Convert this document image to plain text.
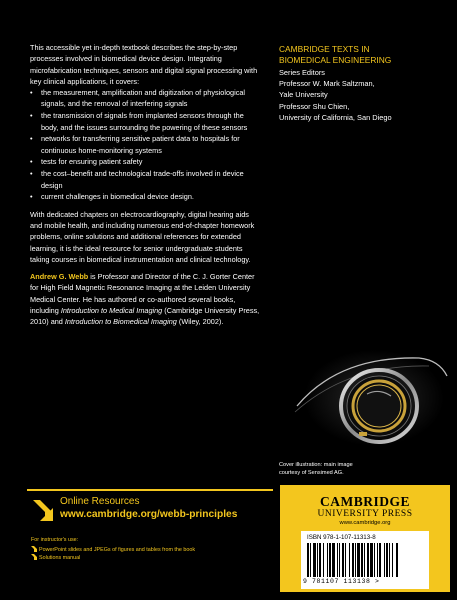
This accessible yet in-depth textbook describes the step-by-step processes involved in biomedical device design. Integrating microfabrication techniques, sensors and digital signal processing with key clinical applications, it covers:

• the measurement, amplification and digitization of physiological signals, and the removal of interfering signals
• the transmission of signals from implanted sensors through the body, and the issues surrounding the powering of these sensors
• networks for transferring sensitive patient data to hospitals for continuous home-monitoring systems
• tests for ensuring patient safety
• the cost–benefit and technological trade-offs involved in device design
• current challenges in biomedical device design.

With dedicated chapters on electrocardiography, digital hearing aids and mobile health, and including numerous end-of-chapter homework problems, online solutions and additional references for extended learning, it is the ideal resource for senior undergraduate students taking courses in biomedical instrumentation and clinical technology.

Andrew G. Webb is Professor and Director of the C. J. Gorter Center for High Field Magnetic Resonance Imaging at the Leiden University Medical Center. He has authored or co-authored several books, including Introduction to Medical Imaging (Cambridge University Press, 2010) and Introduction to Biomedical Imaging (Wiley, 2002).

CAMBRIDGE TEXTS IN
BIOMEDICAL ENGINEERING
Series Editors
Professor W. Mark Saltzman,
Yale University
Professor Shu Chien,
University of California, San Diego
Cover illustration: main image
courtesy of Sensimed AG.
Online Resources
www.cambridge.org/webb-principles
For instructor's use:
PowerPoint slides and JPEGs of figures and tables from the book
Solutions manual
CAMBRIDGE
UNIVERSITY PRESS
www.cambridge.org
ISBN 978-1-107-11313-8
9 781107 113138 >
